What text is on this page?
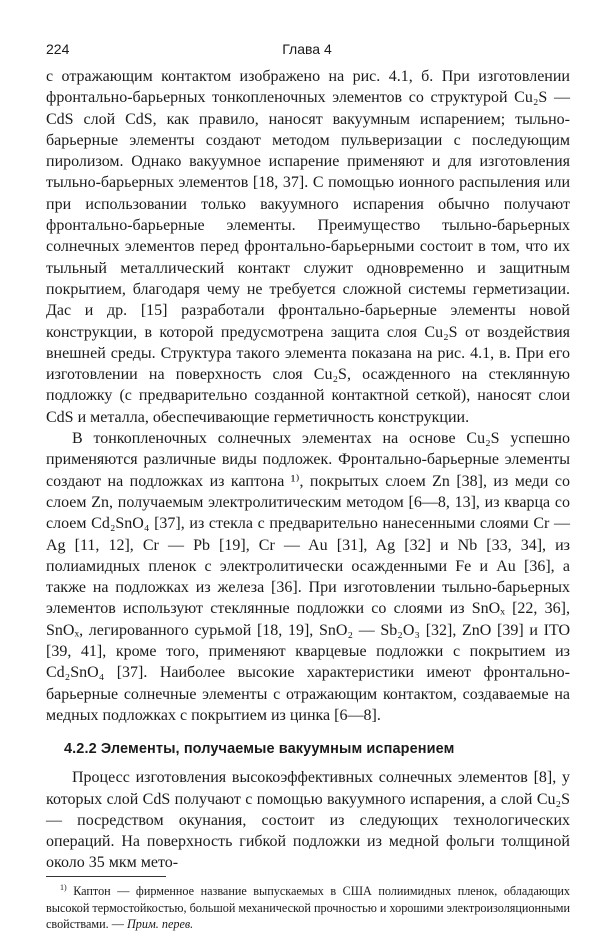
224	Глава 4

с отражающим контактом изображено на рис. 4.1, б. При изготовлении фронтально-барьерных тонкопленочных элементов со структурой Cu₂S — CdS слой CdS, как правило, наносят вакуумным испарением; тыльно-барьерные элементы создают методом пульверизации с последующим пиролизом. Однако вакуумное испарение применяют и для изготовления тыльно-барьерных элементов [18, 37]. С помощью ионного распыления или при использовании только вакуумного испарения обычно получают фронтально-барьерные элементы. Преимущество тыльно-барьерных солнечных элементов перед фронтально-барьерными состоит в том, что их тыльный металлический контакт служит одновременно и защитным покрытием, благодаря чему не требуется сложной системы герметизации. Дас и др. [15] разработали фронтально-барьерные элементы новой конструкции, в которой предусмотрена защита слоя Cu₂S от воздействия внешней среды. Структура такого элемента показана на рис. 4.1, в. При его изготовлении на поверхность слоя Cu₂S, осажденного на стеклянную подложку (с предварительно созданной контактной сеткой), наносят слои CdS и металла, обеспечивающие герметичность конструкции.

В тонкопленочных солнечных элементах на основе Cu₂S успешно применяются различные виды подложек. Фронтально-барьерные элементы создают на подложках из каптона ¹⁾, покрытых слоем Zn [38], из меди со слоем Zn, получаемым электролитическим методом [6—8, 13], из кварца со слоем Cd₂SnO₄ [37], из стекла с предварительно нанесенными слоями Cr — Ag [11, 12], Cr — Pb [19], Cr — Au [31], Ag [32] и Nb [33, 34], из полиамидных пленок с электролитически осажденными Fe и Au [36], а также на подложках из железа [36]. При изготовлении тыльно-барьерных элементов используют стеклянные подложки со слоями из SnOₓ [22, 36], SnOₓ, легированного сурьмой [18, 19], SnO₂ — Sb₂O₃ [32], ZnO [39] и ITO [39, 41], кроме того, применяют кварцевые подложки с покрытием из Cd₂SnO₄ [37]. Наиболее высокие характеристики имеют фронтально-барьерные солнечные элементы с отражающим контактом, создаваемые на медных подложках с покрытием из цинка [6—8].

4.2.2 Элементы, получаемые вакуумным испарением

Процесс изготовления высокоэффективных солнечных элементов [8], у которых слой CdS получают с помощью вакуумного испарения, а слой Cu₂S — посредством окунания, состоит из следующих технологических операций. На поверхность гибкой подложки из медной фольги толщиной около 35 мкм мето-

$^{1)}$ Каптон — фирменное название выпускаемых в США полиимидных пленок, обладающих высокой термостойкостью, большой механической прочностью и хорошими электроизоляционными свойствами. — Прим. перев.
